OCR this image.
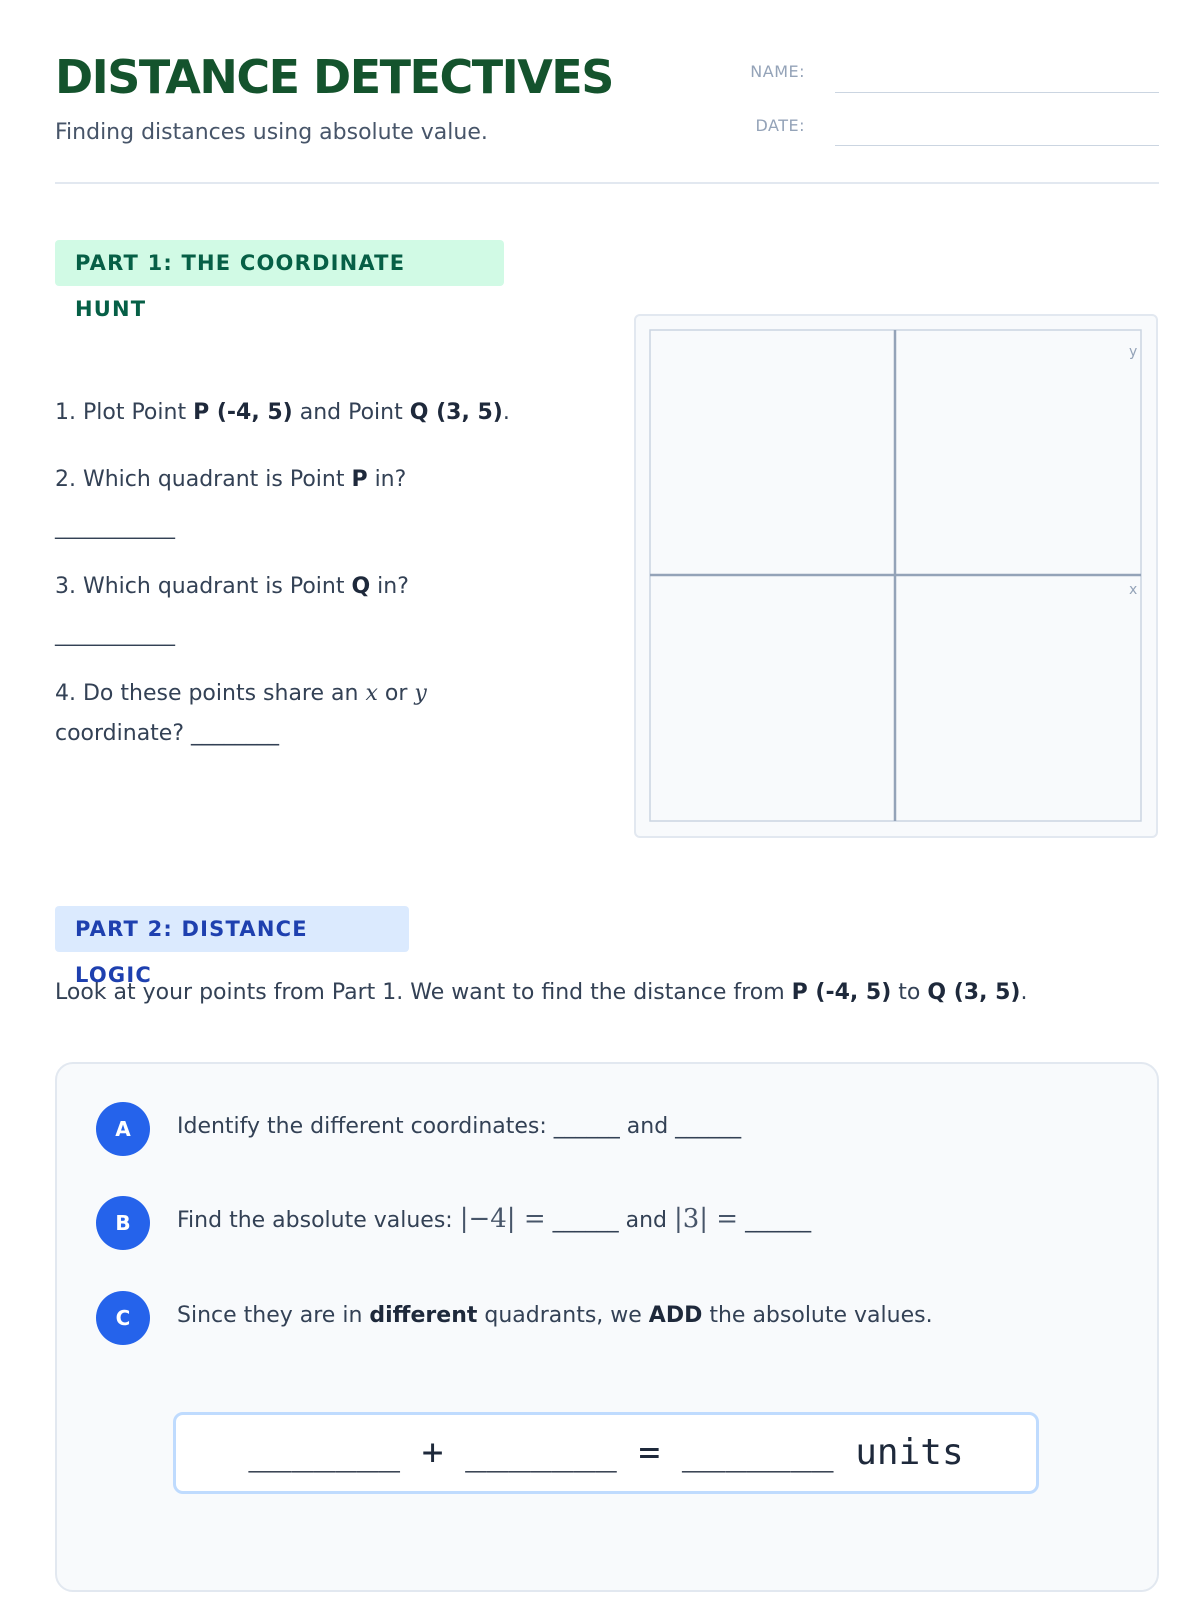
DISTANCE DETECTIVES
Finding distances using absolute value.
NAME:
DATE:
PART 1: THE COORDINATE HUNT
1. Plot Point P (-4, 5) and Point Q (3, 5).
2. Which quadrant is Point P in?
____________
3. Which quadrant is Point Q in?
____________
4. Do these points share an x or y
coordinate? ________
y
x
PART 2: DISTANCE LOGIC
Look at your points from Part 1. We want to find the distance from P (-4, 5) to Q (3, 5).
A	Identify the different coordinates: ______ and ______
B	Find the absolute values: |−4| = ______ and |3| = ______
C	Since they are in different quadrants, we ADD the absolute values.
_______ + _______ = _______ units
